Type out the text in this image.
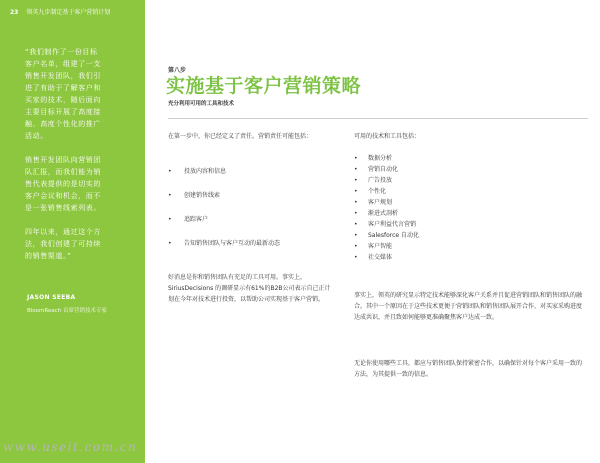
23 领英九步制定基于客户营销计划

“我们制作了一份目标客户名单，组建了一支销售开发团队，我们引进了有助于了解客户和买家的技术，随后面向主要目标开展了高度接触、高度个性化的推广活动。

销售开发团队向营销团队汇报，而我们能为销售代表提供的是切实的客户会议和机会，而不是一张销售线索列表。

四年以来，通过这个方法，我们创建了可持续的销售渠道。”

JASON SEEBA
BloomReach 首席营销技术专家
第八步
实施基于客户营销策略
充分利用可用的工具和技术

在第一步中，你已经定义了责任。营销责任可能包括：

• 投放内容和信息
• 创建销售线索
• 追踪客户
• 告知销售团队与客户互动的最新动态

好消息是你和销售团队有充足的工具可用。事实上，SiriusDecisions 的调研显示有61%的B2B公司表示自己正计划在今年对技术进行投资，以帮助公司实现基于客户营销。

可用的技术和工具包括：

• 数据分析
• 营销自动化
• 广告投放
• 个性化
• 客户规划
• 渐进式剖析
• 客户利益代言营销
• Salesforce 自动化
• 客户智能
• 社交媒体

事实上，领英的研究显示特定技术能够深化客户关系并且促进营销团队和销售团队的融合。其中一个原因在于这些技术更便于营销团队和销售团队展开合作，对买家采购进度达成共识，并且致如何能够更准确聚焦客户达成一致。

无论你使用哪些工具，都应与销售团队保持紧密合作，以确保针对每个客户采用一致的方法，为其提供一致的信息。

www.useit.com.cn
